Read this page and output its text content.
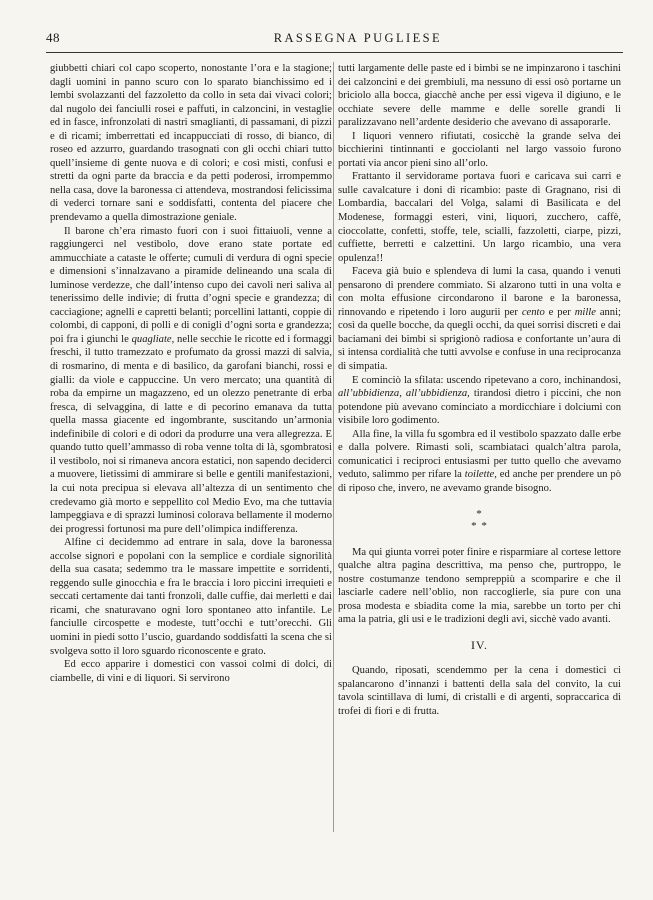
48	RASSEGNA PUGLIESE

giubbetti chiari col capo scoperto, nonostante l’ora e la stagione; dagli uomini in panno scuro con lo sparato bianchissimo ed i lembi svolazzanti del fazzoletto da collo in seta dai vivaci colori; dal nugolo dei fanciulli rosei e paffuti, in calzoncini, in vestaglie ed in fasce, infronzolati di nastri smaglianti, di passamani, di pizzi e di ricami; imberrettati ed incappucciati di rosso, di bianco, di roseo ed azzurro, guardando trasognati con gli occhi chiari tutto quell’insieme di gente nuova e di colori; e così misti, confusi e stretti da ogni parte da braccia e da petti poderosi, irrompemmo nella casa, dove la baronessa ci attendeva, mostrandosi felicissima di vederci tornare sani e soddisfatti, contenta del piacere che prendevamo a quella dimostrazione geniale.

Il barone ch’era rimasto fuori con i suoi fittaiuoli, venne a raggiungerci nel vestibolo, dove erano state portate ed ammucchiate a cataste le offerte; cumuli di verdura di ogni specie e dimensioni s’innalzavano a piramide delineando una scala di luminose verdezze, che dall’intenso cupo dei cavoli neri saliva al tenerissimo delle indivie; di frutta d’ogni specie e grandezza; di cacciagione; agnelli e capretti belanti; porcellini lattanti, coppie di colombi, di capponi, di polli e di conigli d’ogni sorta e grandezza; poi fra i giunchi le quagliate, nelle secchie le ricotte ed i formaggi freschi, il tutto tramezzato e profumato da grossi mazzi di salvia, di rosmarino, di menta e di basilico, da garofani bianchi, rossi e gialli: da viole e cappuccine. Un vero mercato; una quantità di roba da empirne un magazzeno, ed un olezzo penetrante di erba fresca, di selvaggina, di latte e di pecorino emanava da tutta quella massa giacente ed ingombrante, suscitando un’armonia indefinibile di colori e di odori da produrre una vera allegrezza. E quando tutto quell’ammasso di roba venne tolta di là, sgombratosi il vestibolo, noi si rimaneva ancora estatici, non sapendo deciderci a muovere, lietissimi di ammirare sì belle e gentili manifestazioni, la cui nota precipua si elevava all’altezza di un sentimento che credevamo già morto e seppellito col Medio Evo, ma che tuttavia lampeggiava e di sprazzi luminosi colorava bellamente il moderno dei progressi fortunosi ma pure dell’olimpica indifferenza.

Alfine ci decidemmo ad entrare in sala, dove la baronessa accolse signori e popolani con la semplice e cordiale signorilità della sua casata; sedemmo tra le massare impettite e sorridenti, reggendo sulle ginocchia e fra le braccia i loro piccini irrequieti e seccati certamente dai tanti fronzoli, dalle cuffie, dai merletti e dai ricami, che snaturavano ogni loro spontaneo atto infantile. Le fanciulle circospette e modeste, tutt’occhi e tutt’orecchi. Gli uomini in piedi sotto l’uscio, guardando soddisfatti la scena che si svolgeva sotto il loro sguardo riconoscente e grato.

Ed ecco apparire i domestici con vassoi colmi di dolci, di ciambelle, di vini e di liquori. Si servirono

tutti largamente delle paste ed i bimbi se ne impinzarono i taschini dei calzoncini e dei grembiuli, ma nessuno di essi osò portarne un briciolo alla bocca, giacchè anche per essi vigeva il digiuno, e le occhiate severe delle mamme e delle sorelle grandi li paralizzavano nell’ardente desiderio che avevano di assaporarle.

I liquori vennero rifiutati, cosicchè la grande selva dei bicchierini tintinnanti e gocciolanti nel largo vassoio furono portati via ancor pieni sino all’orlo.

Frattanto il servidorame portava fuori e caricava sui carri e sulle cavalcature i doni di ricambio: paste di Gragnano, risi di Lombardia, baccalari del Volga, salami di Basilicata e del Modenese, formaggi esteri, vini, liquori, zucchero, caffè, cioccolatte, confetti, stoffe, tele, scialli, fazzoletti, ciarpe, pizzi, cuffiette, berretti e calzettini. Un largo ricambio, una vera opulenza!!

Faceva già buio e splendeva di lumi la casa, quando i venuti pensarono di prendere commiato. Si alzarono tutti in una volta e con molta effusione circondarono il barone e la baronessa, rinnovando e ripetendo i loro augurii per cento e per mille anni; così da quelle bocche, da quegli occhi, da quei sorrisi discreti e dai baciamani dei bimbi si sprigionò radiosa e confortante un’aura di sì intensa cordialità che tutti avvolse e confuse in una reciprocanza di simpatia.

E cominciò la sfilata: uscendo ripetevano a coro, inchinandosi, all’ubbidienza, all’ubbidienza, tirandosi dietro i piccini, che non potendone più avevano cominciato a mordicchiare i dolciumi con visibile loro godimento.

Alla fine, la villa fu sgombra ed il vestibolo spazzato dalle erbe e dalla polvere. Rimasti soli, scambiataci qualch’altra parola, comunicatici i reciproci entusiasmi per tutto quello che avevamo veduto, salimmo per rifare la toilette, ed anche per prendere un pò di riposo che, invero, ne avevamo grande bisogno.

*
* *

Ma qui giunta vorrei poter finire e risparmiare al cortese lettore qualche altra pagina descrittiva, ma penso che, purtroppo, le nostre costumanze tendono sempreppiù a scomparire e che il lasciarle cadere nell’oblio, non raccoglierle, sia pure con una prosa modesta e sbiadita come la mia, sarebbe un torto per chi ama la patria, gli usi e le tradizioni degli avi, sicchè vado avanti.

IV.

Quando, riposati, scendemmo per la cena i domestici ci spalancarono d’innanzi i battenti della sala del convito, la cui tavola scintillava di lumi, di cristalli e di argenti, sopraccarica di trofei di fiori e di frutta.
